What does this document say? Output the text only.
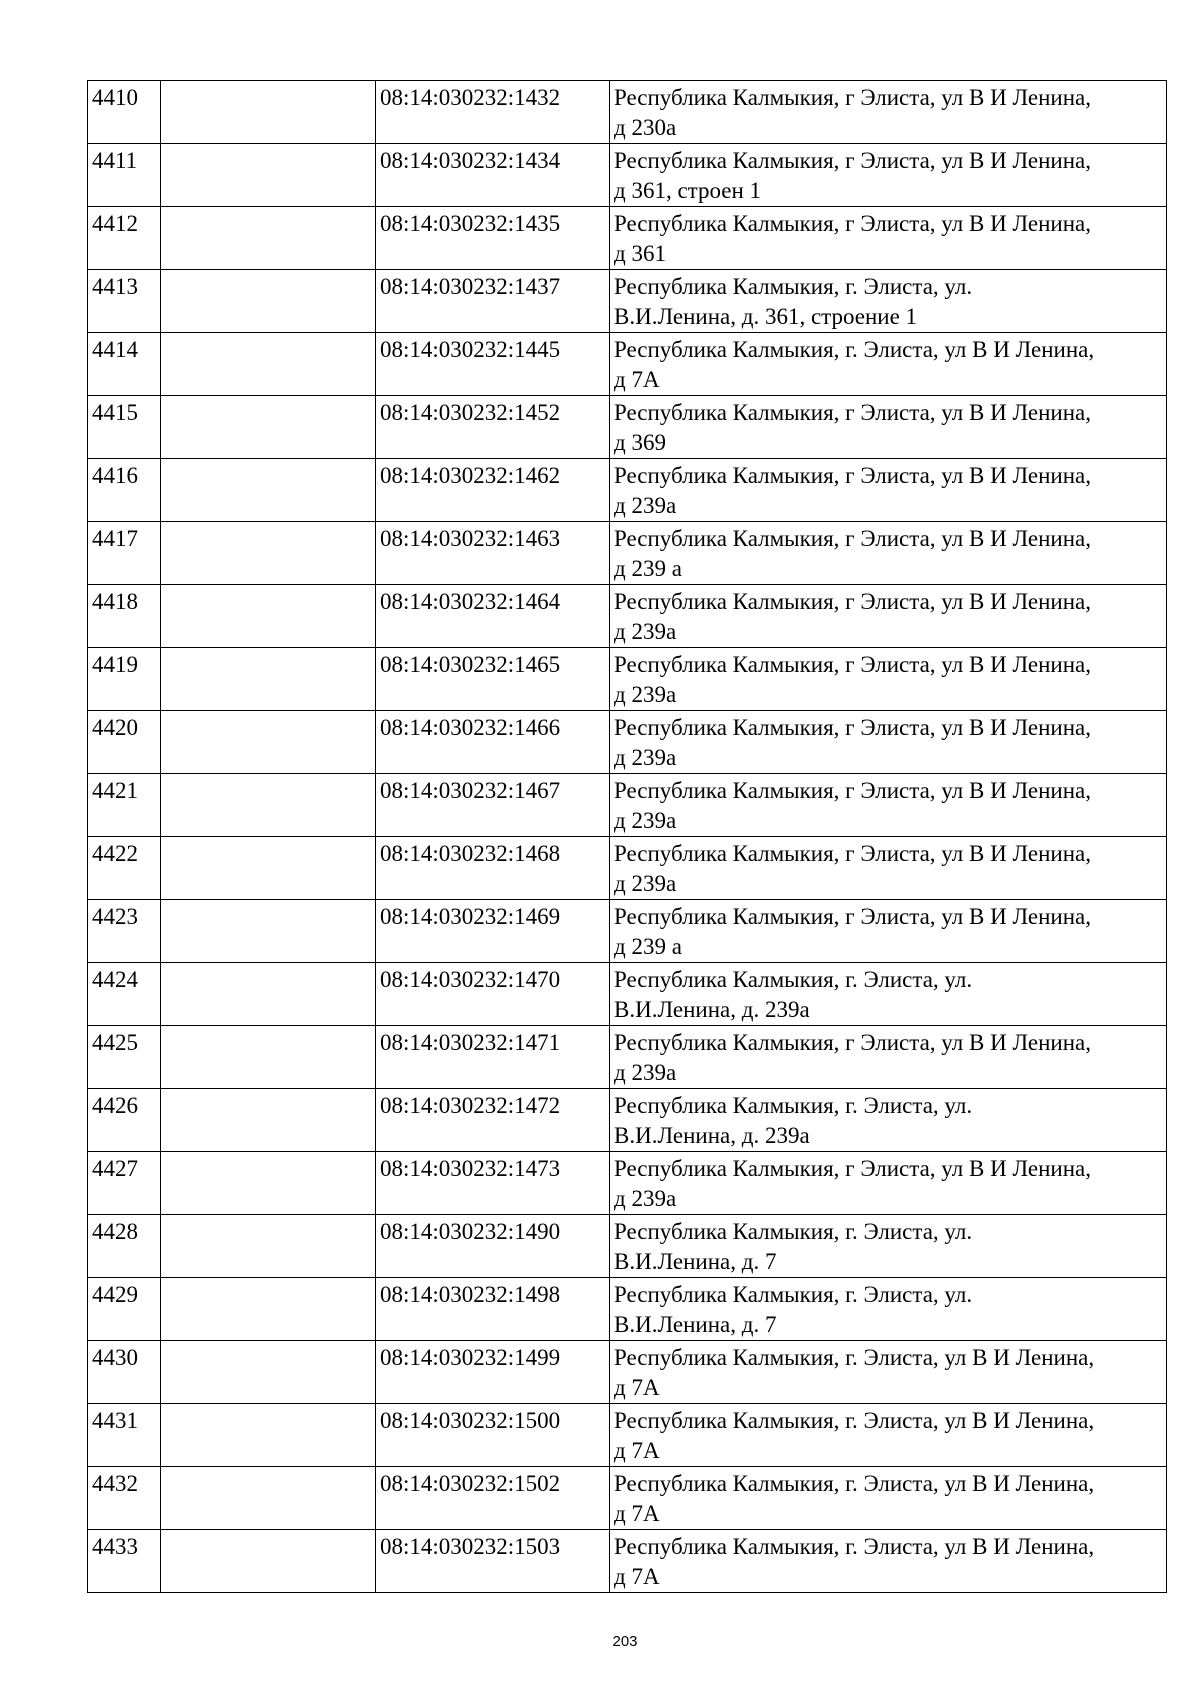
4410		08:14:030232:1432	Республика Калмыкия, г Элиста, ул В И Ленина,
д 230а

4411		08:14:030232:1434	Республика Калмыкия, г Элиста, ул В И Ленина,
д 361, строен 1

4412		08:14:030232:1435	Республика Калмыкия, г Элиста, ул В И Ленина,
д 361

4413		08:14:030232:1437	Республика Калмыкия, г. Элиста, ул.
В.И.Ленина, д. 361, строение 1

4414		08:14:030232:1445	Республика Калмыкия, г. Элиста, ул В И Ленина,
д 7А

4415		08:14:030232:1452	Республика Калмыкия, г Элиста, ул В И Ленина,
д 369

4416		08:14:030232:1462	Республика Калмыкия, г Элиста, ул В И Ленина,
д 239а

4417		08:14:030232:1463	Республика Калмыкия, г Элиста, ул В И Ленина,
д 239 а

4418		08:14:030232:1464	Республика Калмыкия, г Элиста, ул В И Ленина,
д 239а

4419		08:14:030232:1465	Республика Калмыкия, г Элиста, ул В И Ленина,
д 239а

4420		08:14:030232:1466	Республика Калмыкия, г Элиста, ул В И Ленина,
д 239а

4421		08:14:030232:1467	Республика Калмыкия, г Элиста, ул В И Ленина,
д 239а

4422		08:14:030232:1468	Республика Калмыкия, г Элиста, ул В И Ленина,
д 239а

4423		08:14:030232:1469	Республика Калмыкия, г Элиста, ул В И Ленина,
д 239 а

4424		08:14:030232:1470	Республика Калмыкия, г. Элиста, ул.
В.И.Ленина, д. 239а

4425		08:14:030232:1471	Республика Калмыкия, г Элиста, ул В И Ленина,
д 239а

4426		08:14:030232:1472	Республика Калмыкия, г. Элиста, ул.
В.И.Ленина, д. 239а

4427		08:14:030232:1473	Республика Калмыкия, г Элиста, ул В И Ленина,
д 239а

4428		08:14:030232:1490	Республика Калмыкия, г. Элиста, ул.
В.И.Ленина, д. 7

4429		08:14:030232:1498	Республика Калмыкия, г. Элиста, ул.
В.И.Ленина, д. 7

4430		08:14:030232:1499	Республика Калмыкия, г. Элиста, ул В И Ленина,
д 7А

4431		08:14:030232:1500	Республика Калмыкия, г. Элиста, ул В И Ленина,
д 7А

4432		08:14:030232:1502	Республика Калмыкия, г. Элиста, ул В И Ленина,
д 7А

4433		08:14:030232:1503	Республика Калмыкия, г. Элиста, ул В И Ленина,
д 7А
203
